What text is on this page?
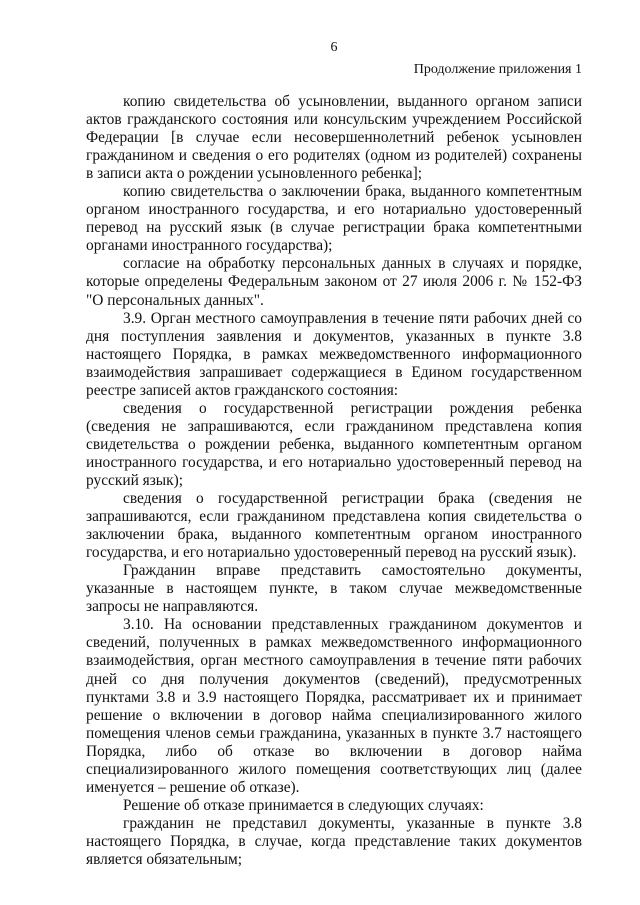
6
Продолжение приложения 1

копию свидетельства об усыновлении, выданного органом записи актов гражданского состояния или консульским учреждением Российской Федерации [в случае если несовершеннолетний ребенок усыновлен гражданином и сведения о его родителях (одном из родителей) сохранены в записи акта о рождении усыновленного ребенка];

копию свидетельства о заключении брака, выданного компетентным органом иностранного государства, и его нотариально удостоверенный перевод на русский язык (в случае регистрации брака компетентными органами иностранного государства);

согласие на обработку персональных данных в случаях и порядке, которые определены Федеральным законом от 27 июля 2006 г. № 152-ФЗ "О персональных данных".

3.9. Орган местного самоуправления в течение пяти рабочих дней со дня поступления заявления и документов, указанных в пункте 3.8 настоящего Порядка, в рамках межведомственного информационного взаимодействия запрашивает содержащиеся в Едином государственном реестре записей актов гражданского состояния:

сведения о государственной регистрации рождения ребенка (сведения не запрашиваются, если гражданином представлена копия свидетельства о рождении ребенка, выданного компетентным органом иностранного государства, и его нотариально удостоверенный перевод на русский язык);

сведения о государственной регистрации брака (сведения не запрашиваются, если гражданином представлена копия свидетельства о заключении брака, выданного компетентным органом иностранного государства, и его нотариально удостоверенный перевод на русский язык).

Гражданин вправе представить самостоятельно документы, указанные в настоящем пункте, в таком случае межведомственные запросы не направляются.

3.10. На основании представленных гражданином документов и сведений, полученных в рамках межведомственного информационного взаимодействия, орган местного самоуправления в течение пяти рабочих дней со дня получения документов (сведений), предусмотренных пунктами 3.8 и 3.9 настоящего Порядка, рассматривает их и принимает решение о включении в договор найма специализированного жилого помещения членов семьи гражданина, указанных в пункте 3.7 настоящего Порядка, либо об отказе во включении в договор найма специализированного жилого помещения соответствующих лиц (далее именуется – решение об отказе).

Решение об отказе принимается в следующих случаях:

гражданин не представил документы, указанные в пункте 3.8 настоящего Порядка, в случае, когда представление таких документов является обязательным;
